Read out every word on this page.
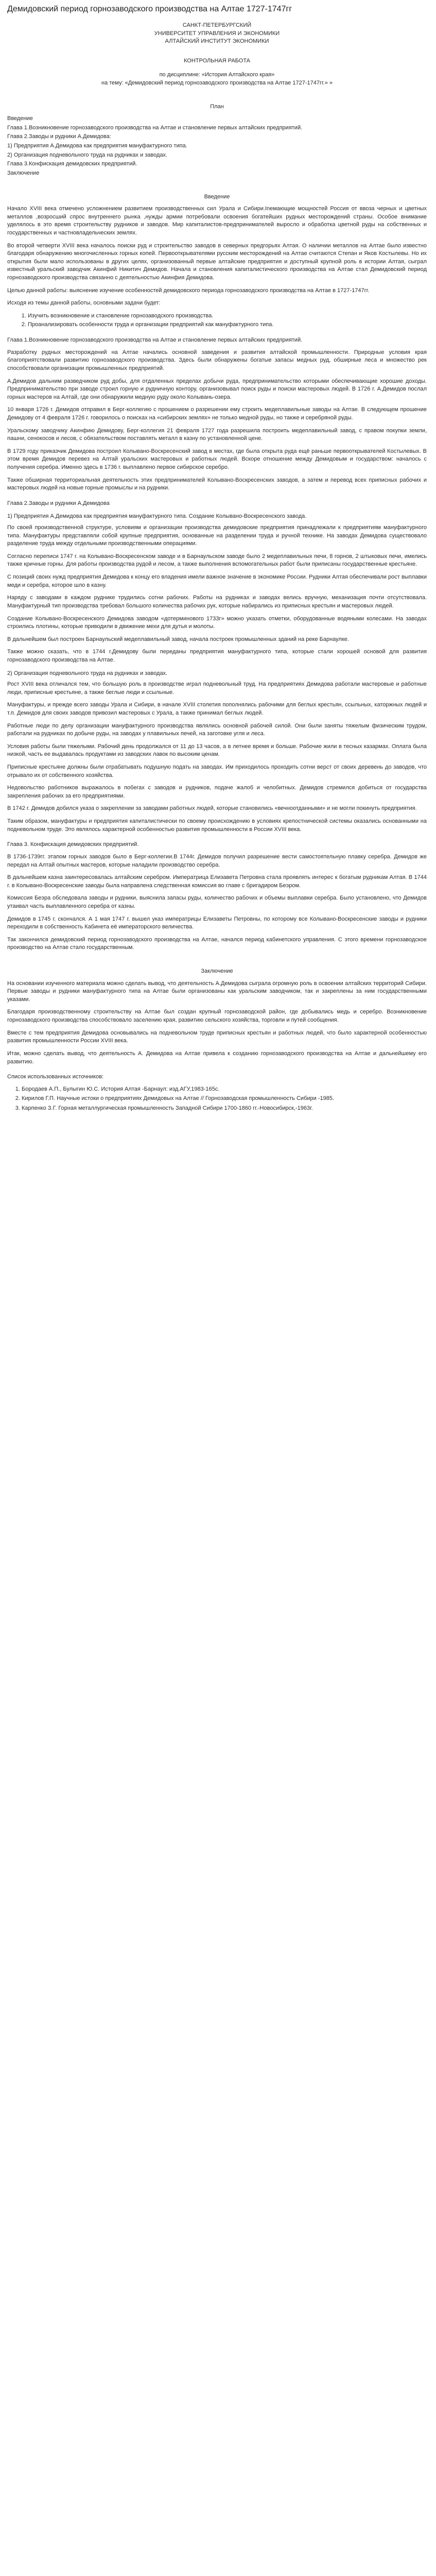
Демидовский период горнозаводского производства на Алтае 1727-1747гг

САНКТ-ПЕТЕРБУРГСКИЙ

УНИВЕРСИТЕТ УПРАВЛЕНИЯ И ЭКОНОМИКИ

АЛТАЙСКИЙ ИНСТИТУТ ЭКОНОМИКИ

КОНТРОЛЬНАЯ РАБОТА

по дисциплине: «История Алтайского края»

на тему: «Демидовский период горнозаводского производства на Алтае 1727-1747гг.» »

План

Введение

Глава 1.Возникновение горнозаводского производства на Алтае и становление первых алтайских предприятий.

Глава 2.Заводы и рудники А.Демидова:

1) Предприятия А.Демидова как предприятия мануфактурного типа.

2) Организация подневольного труда на рудниках и заводах.

Глава 3.Конфискация демидовских предприятий.

Заключение

Введение

Начало XVIII века отмечено усложнением развитием производственных сил Урала и Сибири.Ineмающие мощностей Россия от ввоза черных и цветных металлов ,возросший спрос внутреннего рынка ,нужды армии потребовали освоения богатейших рудных месторождений страны. Особое внимание уделялось в это время строительству рудников и заводов. Мир капиталистов-предпринимателей выросло и обработка цветной руды на собственных и государственных и частновладельческих землях.

Во второй четверти XVIII века началось поиски руд и строительство заводов в северных предгорьях Алтая. О наличии металлов на Алтае было известно благодаря обнаружению многочисленных горных копей. Первооткрывателями русским месторождений на Алтае считаются Степан и Яков Костылевы. Но их открытия были мало использованы в других целях, организованный первые алтайские предприятия и доступный крупной роль в истории Алтая, сыграл известный уральский заводчик Акинфий Никитич Демидов. Начала и становления капиталистического производства на Алтае стал Демидовский период горнозаводского производства связанно с деятельностью Акинфия Демидова.

Целью данной работы: выяснение изучение особенностей демидовского периода горнозаводского производства на Алтае в 1727-1747гг.

Исходя из темы данной работы, основными задачи будет:

1. Изучить возникновение и становление горнозаводского производства.
2. Проанализировать особенности труда и организации предприятий как мануфактурного типа.

Глава 1.Возникновение горнозаводского производства на Алтае и становление первых алтайских предприятий.

Разработку рудных месторождений на Алтае начались основной заведения и развития алтайской промышленности. Природные условия края благоприятствовали развитию горнозаводского производства. Здесь были обнаружены богатые запасы медных руд, обширные леса и множество рек способствовали организации промышленных предприятий.

А.Демидов дальним разведчиком руд добы, для отдаленных пределах добычи руда, предпринимательство которыми обеспечивающие хорошие доходы. Предпринимательство при заводе строил горную и рудничную контору, организовывал поиск руды и поиски мастеровых людей. В 1726 г. А.Демидов послал горных мастеров на Алтай, где они обнаружили медную руду около Колывань-озера.

10 января 1726 г. Демидов отправил в Берг-коллегию с прошением о разрешении ему строить медеплавильные заводы на Алтае. В следующем прошение Демидову от 4 февраля 1726 г. говорилось о поисках на «сибирских землях» не только медной руды, но также и серебряной руды.

Уральскому заводчику Акинфию Демидову, Берг-коллегия 21 февраля 1727 года разрешила построить медеплавильный завод, с правом покупки земли, пашни, сенокосов и лесов, с обязательством поставлять металл в казну по установленной цене.

В 1729 году приказчик Демидова построил Колывано-Воскресенский завод в местах, где была открыта руда ещё раньше первооткрывателей Костылевых. В этом время Демидов перевез на Алтай уральских мастеровых и работных людей. Вскоре отношение между Демидовым и государством: началось с получения серебра. Именно здесь в 1736 г. выплавлено первое сибирское серебро.

Также обширная территориальная деятельность этих предпринимателей Колывано-Воскресенских заводов, а затем и перевод всех приписных рабочих и мастеровых людей на новые горные промыслы и на рудники.

Глава 2.Заводы и рудники А.Демидова

1) Предприятия А.Демидова как предприятия мануфактурного типа. Создание Колывано-Воскресенского завода.

По своей производственной структуре, условиям и организации производства демидовские предприятия принадлежали к предприятиям мануфактурного типа. Мануфактуры представляли собой крупные предприятия, основанные на разделении труда и ручной технике. На заводах Демидова существовало разделение труда между отдельными производственными операциями.

Согласно переписи 1747 г. на Колывано-Воскресенском заводе и в Барнаульском заводе было 2 медеплавильных печи, 8 горнов, 2 штыковых печи, имелись также кричные горны. Для работы производства рудой и лесом, а также выполнения вспомогательных работ были приписаны государственные крестьяне.

С позиций своих нужд предприятия Демидова к концу его владения имели важное значение в экономике России. Рудники Алтая обеспечивали рост выплавки меди и серебра, которое шло в казну.

Наряду с заводами в каждом руднике трудились сотни рабочих. Работы на рудниках и заводах велись вручную, механизация почти отсутствовала. Мануфактурный тип производства требовал большого количества рабочих рук, которые набирались из приписных крестьян и мастеровых людей.

Создание Колывано-Воскресенского Демидова заводом «дотерминового 1733г» можно указать отметки, оборудованные водяными колесами. На заводах строились плотины, которые приводили в движение мехи для дутья и молоты.

В дальнейшем был построен Барнаульский медеплавильный завод, начала построек промышленных зданий на реке Барнаулке.

Также можно сказать, что в 1744 г.Демидову были переданы предприятия мануфактурного типа, которые стали хорошей основой для развития горнозаводского производства на Алтае.

2) Организация подневольного труда на рудниках и заводах.

Рост XVIII века отличался тем, что большую роль в производстве играл подневольный труд. На предприятиях Демидова работали мастеровые и работные люди, приписные крестьяне, а также беглые люди и ссыльные.

Мануфактуры, и прежде всего заводы Урала и Сибири, в начале XVIII столетия пополнялись рабочими для беглых крестьян, ссыльных, каторжных людей и т.п. Демидов для своих заводов привозил мастеровых с Урала, а также принимал беглых людей.

Работные люди по делу организации мануфактурного производства являлись основной рабочей силой. Они были заняты тяжелым физическим трудом, работали на рудниках по добыче руды, на заводах у плавильных печей, на заготовке угля и леса.

Условия работы были тяжелыми. Рабочий день продолжался от 11 до 13 часов, а в летнее время и больше. Рабочие жили в тесных казармах. Оплата была низкой, часть ее выдавалась продуктами из заводских лавок по высоким ценам.

Приписные крестьяне должны были отрабатывать подушную подать на заводах. Им приходилось проходить сотни верст от своих деревень до заводов, что отрывало их от собственного хозяйства.

Недовольство работников выражалось в побегах с заводов и рудников, подаче жалоб и челобитных. Демидов стремился добиться от государства закрепления рабочих за его предприятиями.

В 1742 г. Демидов добился указа о закреплении за заводами работных людей, которые становились «вечноотданными» и не могли покинуть предприятия.

Таким образом, мануфактуры и предприятия капиталистически по своему происхождению в условиях крепостнической системы оказались основанными на подневольном труде. Это являлось характерной особенностью развития промышленности в России XVIII века.

Глава 3. Конфискация демидовских предприятий.

В 1736-1739гг. этапом горных заводов было в Берг-коллегии.В 1744г. Демидов получил разрешение вести самостоятельную плавку серебра. Демидов же передал на Алтай опытных мастеров, которые наладили производство серебра.

В дальнейшем казна заинтересовалась алтайским серебром. Императрица Елизавета Петровна стала проявлять интерес к богатым рудникам Алтая. В 1744 г. в Колывано-Воскресенские заводы была направлена следственная комиссия во главе с бригадиром Беэром.

Комиссия Беэра обследовала заводы и рудники, выяснила запасы руды, количество рабочих и объемы выплавки серебра. Было установлено, что Демидов утаивал часть выплавленного серебра от казны.

Демидов в 1745 г. скончался. А 1 мая 1747 г. вышел указ императрицы Елизаветы Петровны, по которому все Колывано-Воскресенские заводы и рудники переходили в собственность Кабинета её императорского величества.

Так закончился демидовский период горнозаводского производства на Алтае, начался период кабинетского управления. С этого времени горнозаводское производство на Алтае стало государственным.

Заключение

На основании изученного материала можно сделать вывод, что деятельность А.Демидова сыграла огромную роль в освоении алтайских территорий Сибири. Первые заводы и рудники мануфактурного типа на Алтае были организованы как уральским заводчиком, так и закреплены за ним государственными указами.

Благодаря производственному строительству на Алтае был создан крупный горнозаводской район, где добывались медь и серебро. Возникновение горнозаводского производства способствовало заселению края, развитию сельского хозяйства, торговли и путей сообщения.

Вместе с тем предприятия Демидова основывались на подневольном труде приписных крестьян и работных людей, что было характерной особенностью развития промышленности России XVIII века.

Итак, можно сделать вывод, что деятельность А. Демидова на Алтае привела к созданию горнозаводского производства на Алтае и дальнейшему его развитию.

Список использованных источников:

1. Бородаев А.П., Булыгин Ю.С. История Алтая -Барнаул: изд.АГУ,1983-165с.
2. Кирилов Г.П. Научные истоки о предприятиях Демидовых на Алтае // Горнозаводская промышленность Сибири -1985.
3. Карпенко З.Г. Горная металлургическая промышленность Западной Сибири 1700-1860 гг.-Новосибирск,-1963г.
